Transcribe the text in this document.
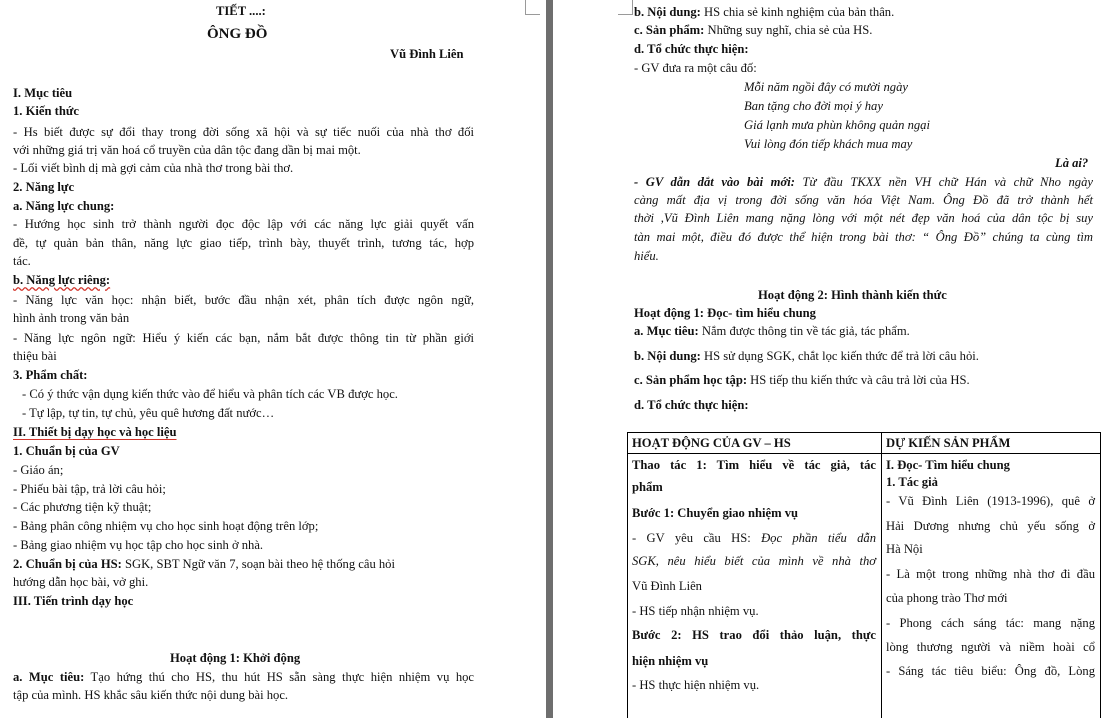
TIẾT ....:
ÔNG ĐỒ
Vũ Đình Liên
I. Mục tiêu
1. Kiến thức
- Hs biết được sự đổi thay trong đời sống xã hội và sự tiếc nuối của nhà thơ đối
với những giá trị văn hoá cổ truyền của dân tộc đang dần bị mai một.
- Lối viết bình dị mà gợi cảm của nhà thơ trong bài thơ.
2. Năng lực
a. Năng lực chung:
- Hướng học sinh trở thành người đọc độc lập với các năng lực giải quyết vấn
đề, tự quản bản thân, năng lực giao tiếp, trình bày, thuyết trình, tương tác, hợp
tác.
b. Năng lực riêng:
- Năng lực văn học: nhận biết, bước đầu nhận xét, phân tích được ngôn ngữ,
hình ảnh trong văn bản
- Năng lực ngôn ngữ: Hiểu ý kiến các bạn, nắm bắt được thông tin từ phần giới
thiệu bài
3. Phẩm chất:
- Có ý thức vận dụng kiến thức vào để hiểu và phân tích các VB được học.
- Tự lập, tự tin, tự chủ, yêu quê hương đất nước…
II. Thiết bị dạy học và học liệu
1. Chuẩn bị của GV
- Giáo án;
- Phiếu bài tập, trả lời câu hỏi;
- Các phương tiện kỹ thuật;
- Bảng phân công nhiệm vụ cho học sinh hoạt động trên lớp;
- Bảng giao nhiệm vụ học tập cho học sinh ở nhà.
2. Chuẩn bị của HS: SGK, SBT Ngữ văn 7, soạn bài theo hệ thống câu hỏi
hướng dẫn học bài, vở ghi.
III. Tiến trình dạy học
Hoạt động 1: Khởi động
a. Mục tiêu: Tạo hứng thú cho HS, thu hút HS sẵn sàng thực hiện nhiệm vụ học
tập của mình. HS khắc sâu kiến thức nội dung bài học.
b. Nội dung: HS chia sẻ kinh nghiệm của bản thân.
c. Sản phẩm: Những suy nghĩ, chia sẻ của HS.
d. Tổ chức thực hiện:
- GV đưa ra một câu đố:
Mỗi năm ngồi đây có mười ngày
Ban tặng cho đời mọi ý hay
Giá lạnh mưa phùn không quản ngại
Vui lòng đón tiếp khách mua may
Là ai?
- GV dẫn dắt vào bài mới: Từ đầu TKXX nền VH chữ Hán và chữ Nho ngày
càng mất địa vị trong đời sống văn hóa Việt Nam. Ông Đồ đã trở thành hết
thời ,Vũ Đình Liên mang nặng lòng với một nét đẹp văn hoá của dân tộc bị suy
tàn mai một, điều đó được thể hiện trong bài thơ: “ Ông Đồ” chúng ta cùng tìm
hiểu.
Hoạt động 2: Hình thành kiến thức
Hoạt động 1: Đọc- tìm hiểu chung
a. Mục tiêu: Nắm được thông tin về tác giả, tác phẩm.
b. Nội dung: HS sử dụng SGK, chắt lọc kiến thức để trả lời câu hỏi.
c. Sản phẩm học tập: HS tiếp thu kiến thức và câu trả lời của HS.
d. Tổ chức thực hiện:
HOẠT ĐỘNG CỦA GV – HS	DỰ KIẾN SẢN PHẨM
Thao tác 1: Tìm hiểu về tác giả, tác
phẩm
Bước 1: Chuyển giao nhiệm vụ
- GV yêu cầu HS: Đọc phần tiểu dẫn
SGK, nêu hiểu biết của mình về nhà thơ
Vũ Đình Liên
- HS tiếp nhận nhiệm vụ.
Bước 2: HS trao đổi thảo luận, thực
hiện nhiệm vụ
- HS thực hiện nhiệm vụ.
I. Đọc- Tìm hiểu chung
1. Tác giả
- Vũ Đình Liên (1913-1996), quê ở
Hải Dương nhưng chủ yếu sống ở
Hà Nội
- Là một trong những nhà thơ đi đầu
của phong trào Thơ mới
- Phong cách sáng tác: mang nặng
lòng thương người và niềm hoài cổ
- Sáng tác tiêu biểu: Ông đồ, Lòng
